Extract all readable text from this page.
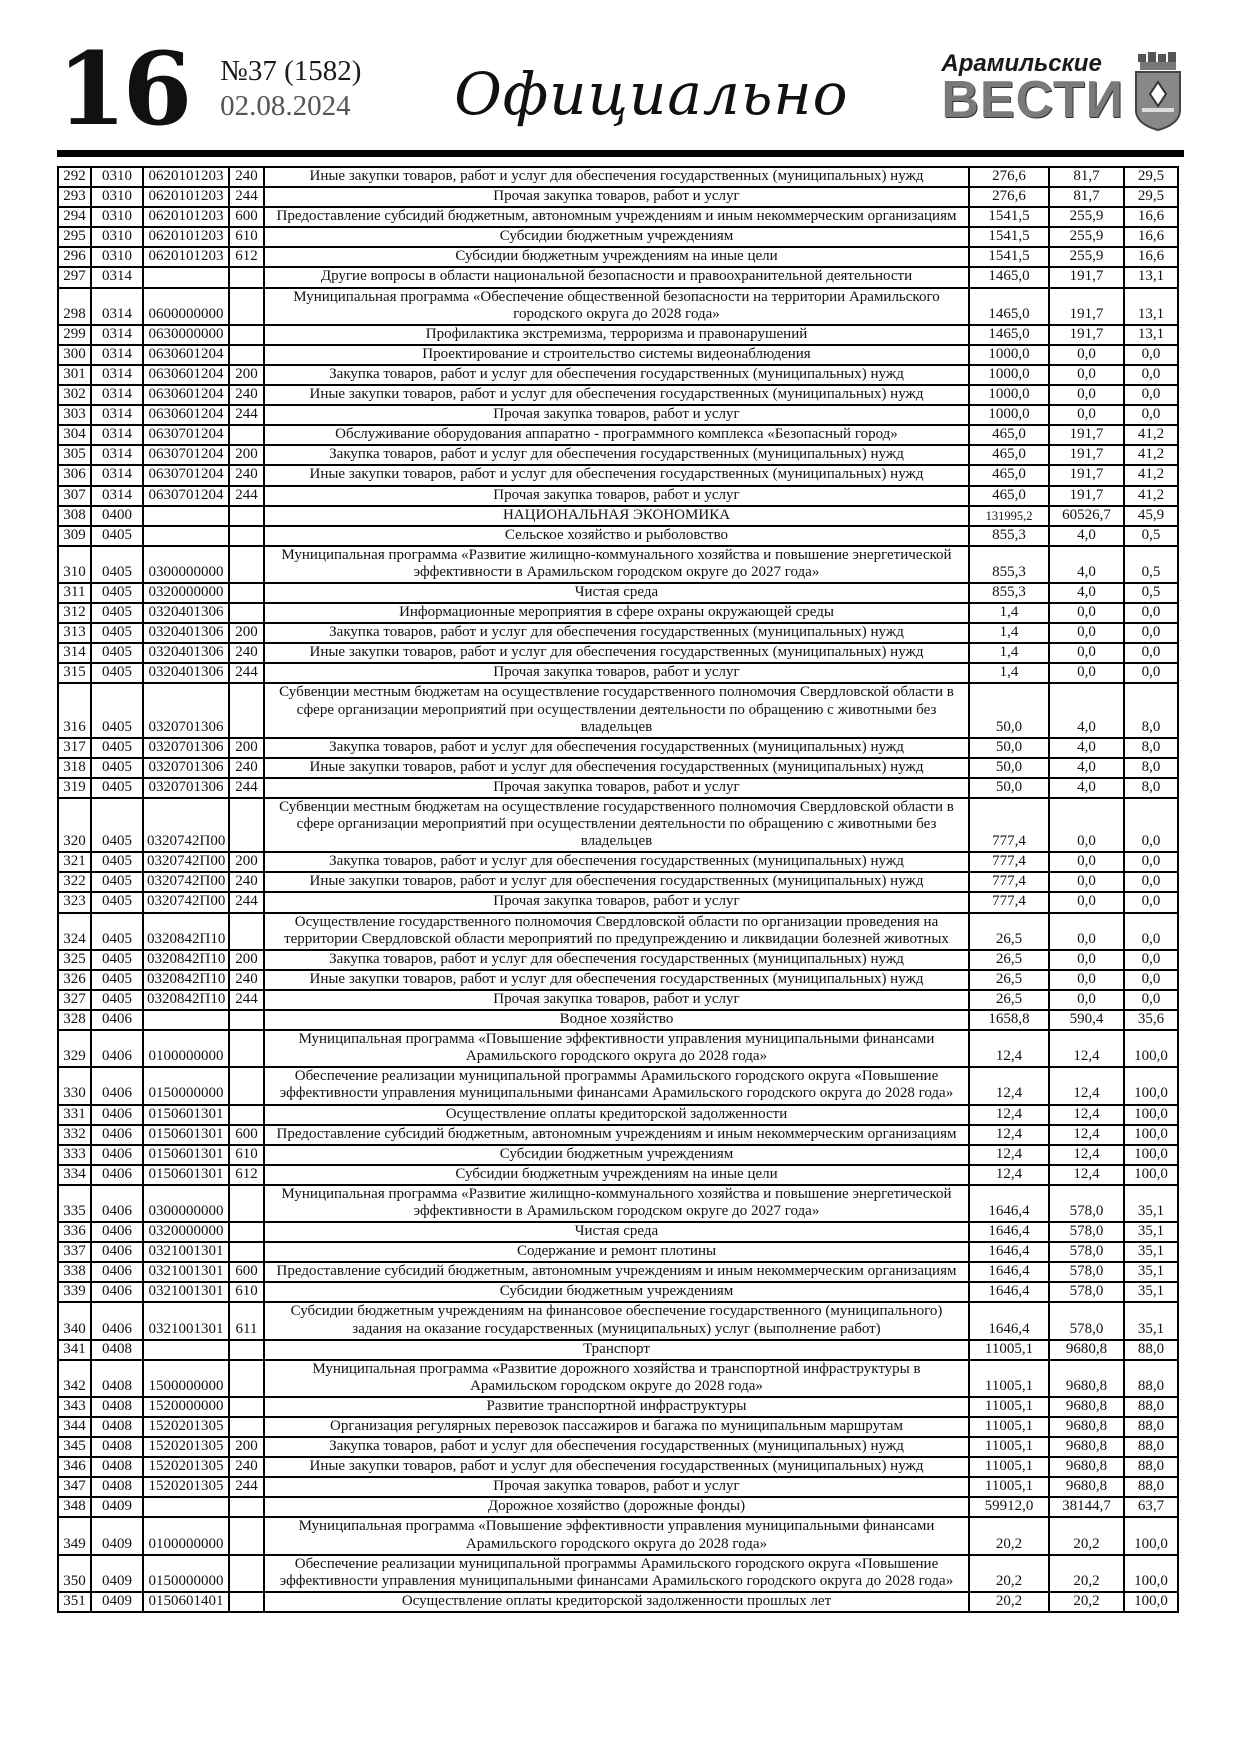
16 №37 (1582)
02.08.2024	Официально	Арамильские
ВЕСТИ
292	0310	0620101203	240	Иные закупки товаров, работ и услуг для обеспечения государственных (муниципальных) нужд	276,6	81,7	29,5
293	0310	0620101203	244	Прочая закупка товаров, работ и услуг	276,6	81,7	29,5
294	0310	0620101203	600	Предоставление субсидий бюджетным, автономным учреждениям и иным некоммерческим организациям	1541,5	255,9	16,6
295	0310	0620101203	610	Субсидии бюджетным учреждениям	1541,5	255,9	16,6
296	0310	0620101203	612	Субсидии бюджетным учреждениям на иные цели	1541,5	255,9	16,6
297	0314			Другие вопросы в области национальной безопасности и правоохранительной деятельности	1465,0	191,7	13,1
298	0314	0600000000		Муниципальная программа «Обеспечение общественной безопасности на территории Арамильского городского округа до 2028 года»	1465,0	191,7	13,1
299	0314	0630000000		Профилактика экстремизма, терроризма и правонарушений	1465,0	191,7	13,1
300	0314	0630601204		Проектирование и строительство системы видеонаблюдения	1000,0	0,0	0,0
301	0314	0630601204	200	Закупка товаров, работ и услуг для обеспечения государственных (муниципальных) нужд	1000,0	0,0	0,0
302	0314	0630601204	240	Иные закупки товаров, работ и услуг для обеспечения государственных (муниципальных) нужд	1000,0	0,0	0,0
303	0314	0630601204	244	Прочая закупка товаров, работ и услуг	1000,0	0,0	0,0
304	0314	0630701204		Обслуживание оборудования аппаратно - программного комплекса «Безопасный город»	465,0	191,7	41,2
305	0314	0630701204	200	Закупка товаров, работ и услуг для обеспечения государственных (муниципальных) нужд	465,0	191,7	41,2
306	0314	0630701204	240	Иные закупки товаров, работ и услуг для обеспечения государственных (муниципальных) нужд	465,0	191,7	41,2
307	0314	0630701204	244	Прочая закупка товаров, работ и услуг	465,0	191,7	41,2
308	0400			НАЦИОНАЛЬНАЯ ЭКОНОМИКА	131995,2	60526,7	45,9
309	0405			Сельское хозяйство и рыболовство	855,3	4,0	0,5
310	0405	0300000000		Муниципальная программа «Развитие жилищно-коммунального хозяйства и повышение энергетической эффективности в Арамильском городском округе до 2027 года»	855,3	4,0	0,5
311	0405	0320000000		Чистая среда	855,3	4,0	0,5
312	0405	0320401306		Информационные мероприятия в сфере охраны окружающей среды	1,4	0,0	0,0
313	0405	0320401306	200	Закупка товаров, работ и услуг для обеспечения государственных (муниципальных) нужд	1,4	0,0	0,0
314	0405	0320401306	240	Иные закупки товаров, работ и услуг для обеспечения государственных (муниципальных) нужд	1,4	0,0	0,0
315	0405	0320401306	244	Прочая закупка товаров, работ и услуг	1,4	0,0	0,0
316	0405	0320701306		Субвенции местным бюджетам на осуществление государственного полномочия Свердловской области в сфере организации мероприятий при осуществлении деятельности по обращению с животными без владельцев	50,0	4,0	8,0
317	0405	0320701306	200	Закупка товаров, работ и услуг для обеспечения государственных (муниципальных) нужд	50,0	4,0	8,0
318	0405	0320701306	240	Иные закупки товаров, работ и услуг для обеспечения государственных (муниципальных) нужд	50,0	4,0	8,0
319	0405	0320701306	244	Прочая закупка товаров, работ и услуг	50,0	4,0	8,0
320	0405	0320742П00		Субвенции местным бюджетам на осуществление государственного полномочия Свердловской области в сфере организации мероприятий при осуществлении деятельности по обращению с животными без владельцев	777,4	0,0	0,0
321	0405	0320742П00	200	Закупка товаров, работ и услуг для обеспечения государственных (муниципальных) нужд	777,4	0,0	0,0
322	0405	0320742П00	240	Иные закупки товаров, работ и услуг для обеспечения государственных (муниципальных) нужд	777,4	0,0	0,0
323	0405	0320742П00	244	Прочая закупка товаров, работ и услуг	777,4	0,0	0,0
324	0405	0320842П10		Осуществление государственного полномочия Свердловской области по организации проведения на территории Свердловской области мероприятий по предупреждению и ликвидации болезней животных	26,5	0,0	0,0
325	0405	0320842П10	200	Закупка товаров, работ и услуг для обеспечения государственных (муниципальных) нужд	26,5	0,0	0,0
326	0405	0320842П10	240	Иные закупки товаров, работ и услуг для обеспечения государственных (муниципальных) нужд	26,5	0,0	0,0
327	0405	0320842П10	244	Прочая закупка товаров, работ и услуг	26,5	0,0	0,0
328	0406			Водное хозяйство	1658,8	590,4	35,6
329	0406	0100000000		Муниципальная программа «Повышение эффективности управления муниципальными финансами Арамильского городского округа до 2028 года»	12,4	12,4	100,0
330	0406	0150000000		Обеспечение реализации муниципальной программы Арамильского городского округа «Повышение эффективности управления муниципальными финансами Арамильского городского округа до 2028 года»	12,4	12,4	100,0
331	0406	0150601301		Осуществление оплаты кредиторской задолженности	12,4	12,4	100,0
332	0406	0150601301	600	Предоставление субсидий бюджетным, автономным учреждениям и иным некоммерческим организациям	12,4	12,4	100,0
333	0406	0150601301	610	Субсидии бюджетным учреждениям	12,4	12,4	100,0
334	0406	0150601301	612	Субсидии бюджетным учреждениям на иные цели	12,4	12,4	100,0
335	0406	0300000000		Муниципальная программа «Развитие жилищно-коммунального хозяйства и повышение энергетической эффективности в Арамильском городском округе до 2027 года»	1646,4	578,0	35,1
336	0406	0320000000		Чистая среда	1646,4	578,0	35,1
337	0406	0321001301		Содержание и ремонт плотины	1646,4	578,0	35,1
338	0406	0321001301	600	Предоставление субсидий бюджетным, автономным учреждениям и иным некоммерческим организациям	1646,4	578,0	35,1
339	0406	0321001301	610	Субсидии бюджетным учреждениям	1646,4	578,0	35,1
340	0406	0321001301	611	Субсидии бюджетным учреждениям на финансовое обеспечение государственного (муниципального) задания на оказание государственных (муниципальных) услуг (выполнение работ)	1646,4	578,0	35,1
341	0408			Транспорт	11005,1	9680,8	88,0
342	0408	1500000000		Муниципальная программа «Развитие дорожного хозяйства и транспортной инфраструктуры в Арамильском городском округе до 2028 года»	11005,1	9680,8	88,0
343	0408	1520000000		Развитие транспортной инфраструктуры	11005,1	9680,8	88,0
344	0408	1520201305		Организация регулярных перевозок пассажиров и багажа по муниципальным маршрутам	11005,1	9680,8	88,0
345	0408	1520201305	200	Закупка товаров, работ и услуг для обеспечения государственных (муниципальных) нужд	11005,1	9680,8	88,0
346	0408	1520201305	240	Иные закупки товаров, работ и услуг для обеспечения государственных (муниципальных) нужд	11005,1	9680,8	88,0
347	0408	1520201305	244	Прочая закупка товаров, работ и услуг	11005,1	9680,8	88,0
348	0409			Дорожное хозяйство (дорожные фонды)	59912,0	38144,7	63,7
349	0409	0100000000		Муниципальная программа «Повышение эффективности управления муниципальными финансами Арамильского городского округа до 2028 года»	20,2	20,2	100,0
350	0409	0150000000		Обеспечение реализации муниципальной программы Арамильского городского округа «Повышение эффективности управления муниципальными финансами Арамильского городского округа до 2028 года»	20,2	20,2	100,0
351	0409	0150601401		Осуществление оплаты кредиторской задолженности прошлых лет	20,2	20,2	100,0
